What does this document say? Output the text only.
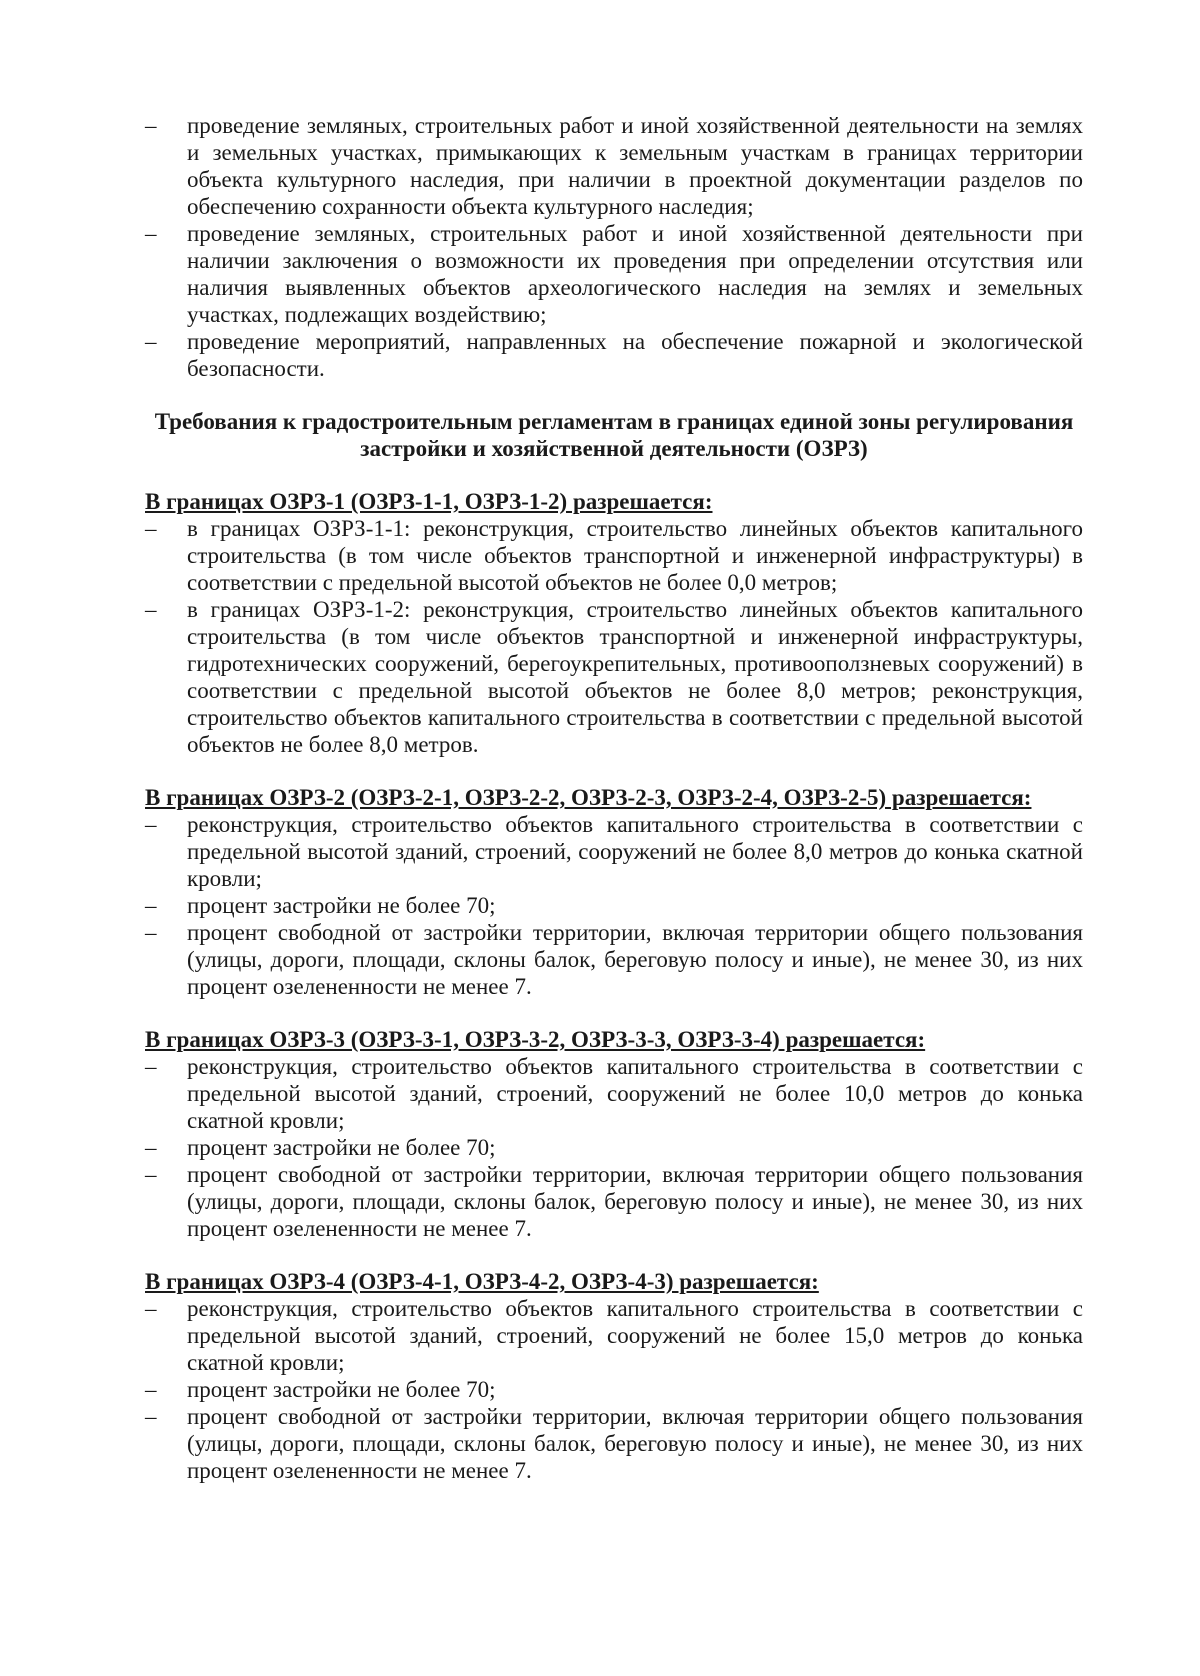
– проведение земляных, строительных работ и иной хозяйственной деятельности на землях и земельных участках, примыкающих к земельным участкам в границах территории объекта культурного наследия, при наличии в проектной документации разделов по обеспечению сохранности объекта культурного наследия;
– проведение земляных, строительных работ и иной хозяйственной деятельности при наличии заключения о возможности их проведения при определении отсутствия или наличия выявленных объектов археологического наследия на землях и земельных участках, подлежащих воздействию;
– проведение мероприятий, направленных на обеспечение пожарной и экологической безопасности.
Требования к градостроительным регламентам в границах единой зоны регулирования
застройки и хозяйственной деятельности (ОЗРЗ)
В границах ОЗРЗ-1 (ОЗРЗ-1-1, ОЗРЗ-1-2) разрешается:
– в границах ОЗРЗ-1-1: реконструкция, строительство линейных объектов капитального строительства (в том числе объектов транспортной и инженерной инфраструктуры) в соответствии с предельной высотой объектов не более 0,0 метров;
– в границах ОЗРЗ-1-2: реконструкция, строительство линейных объектов капитального строительства (в том числе объектов транспортной и инженерной инфраструктуры, гидротехнических сооружений, берегоукрепительных, противооползневых сооружений) в соответствии с предельной высотой объектов не более 8,0 метров; реконструкция, строительство объектов капитального строительства в соответствии с предельной высотой объектов не более 8,0 метров.
В границах ОЗРЗ-2 (ОЗРЗ-2-1, ОЗРЗ-2-2, ОЗРЗ-2-3, ОЗРЗ-2-4, ОЗРЗ-2-5) разрешается:
– реконструкция, строительство объектов капитального строительства в соответствии с предельной высотой зданий, строений, сооружений не более 8,0 метров до конька скатной кровли;
– процент застройки не более 70;
– процент свободной от застройки территории, включая территории общего пользования (улицы, дороги, площади, склоны балок, береговую полосу и иные), не менее 30, из них процент озелененности не менее 7.
В границах ОЗРЗ-3 (ОЗРЗ-3-1, ОЗРЗ-3-2, ОЗРЗ-3-3, ОЗРЗ-3-4) разрешается:
– реконструкция, строительство объектов капитального строительства в соответствии с предельной высотой зданий, строений, сооружений не более 10,0 метров до конька скатной кровли;
– процент застройки не более 70;
– процент свободной от застройки территории, включая территории общего пользования (улицы, дороги, площади, склоны балок, береговую полосу и иные), не менее 30, из них процент озелененности не менее 7.
В границах ОЗРЗ-4 (ОЗРЗ-4-1, ОЗРЗ-4-2, ОЗРЗ-4-3) разрешается:
– реконструкция, строительство объектов капитального строительства в соответствии с предельной высотой зданий, строений, сооружений не более 15,0 метров до конька скатной кровли;
– процент застройки не более 70;
– процент свободной от застройки территории, включая территории общего пользования (улицы, дороги, площади, склоны балок, береговую полосу и иные), не менее 30, из них процент озелененности не менее 7.
